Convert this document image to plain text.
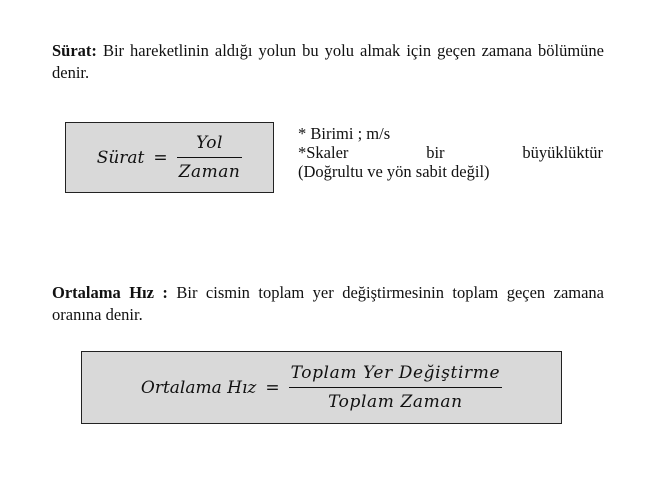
Sürat: Bir hareketlinin aldığı yolun bu yolu almak için geçen zamana bölümüne denir.
Sürat = $\frac{\text{Yol}}{\text{Zaman}}$	* Birimi ; m/s
*Skaler	bir	büyüklüktür
(Doğrultu ve yön sabit değil)
Ortalama Hız : Bir cismin toplam yer değiştirmesinin toplam geçen zamana oranına denir.
Ortalama Hız = $\frac{\text{Toplam Yer Değiştirme}}{\text{Toplam Zaman}}$
